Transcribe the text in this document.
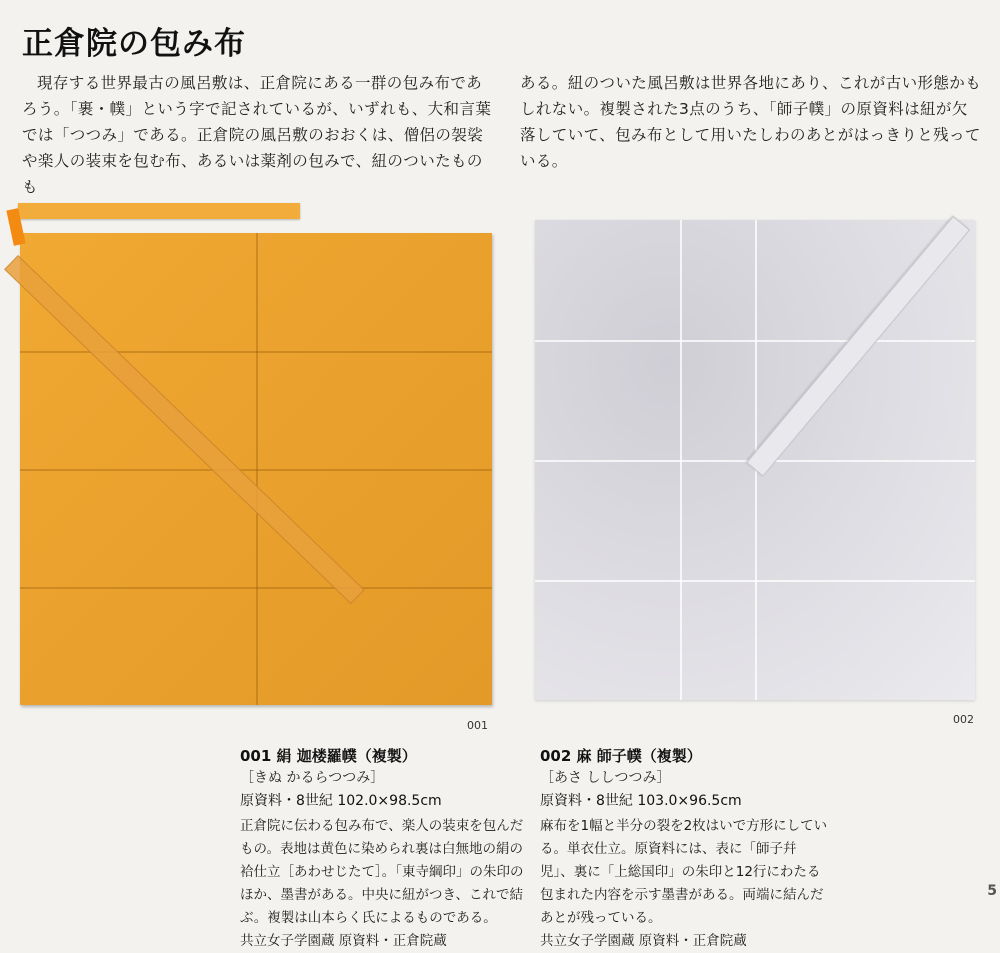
正倉院の包み布

現存する世界最古の風呂敷は、正倉院にある一群の包み布であろう。「裹・幞」という字で記されているが、いずれも、大和言葉では「つつみ」である。正倉院の風呂敷のおおくは、僧侶の袈裟や楽人の装束を包む布、あるいは薬剤の包みで、紐のついたものも

ある。紐のついた風呂敷は世界各地にあり、これが古い形態かもしれない。複製された3点のうち、「師子幞」の原資料は紐が欠落していて、包み布として用いたしわのあとがはっきりと残っている。

001	002

001 絹 迦楼羅幞（複製）

［きぬ かるらつつみ］

原資料・8世紀 102.0×98.5cm

正倉院に伝わる包み布で、楽人の装束を包んだもの。表地は黄色に染められ裏は白無地の絹の袷仕立［あわせじたて］。「東寺綱印」の朱印のほか、墨書がある。中央に紐がつき、これで結ぶ。複製は山本らく氏によるものである。

共立女子学園蔵 原資料・正倉院蔵

002 麻 師子幞（複製）

［あさ ししつつみ］

原資料・8世紀 103.0×96.5cm

麻布を1幅と半分の裂を2枚はいで方形にしている。単衣仕立。原資料には、表に「師子幷児」、裏に「上総国印」の朱印と12行にわたる包まれた内容を示す墨書がある。両端に結んだあとが残っている。

共立女子学園蔵 原資料・正倉院蔵

5
